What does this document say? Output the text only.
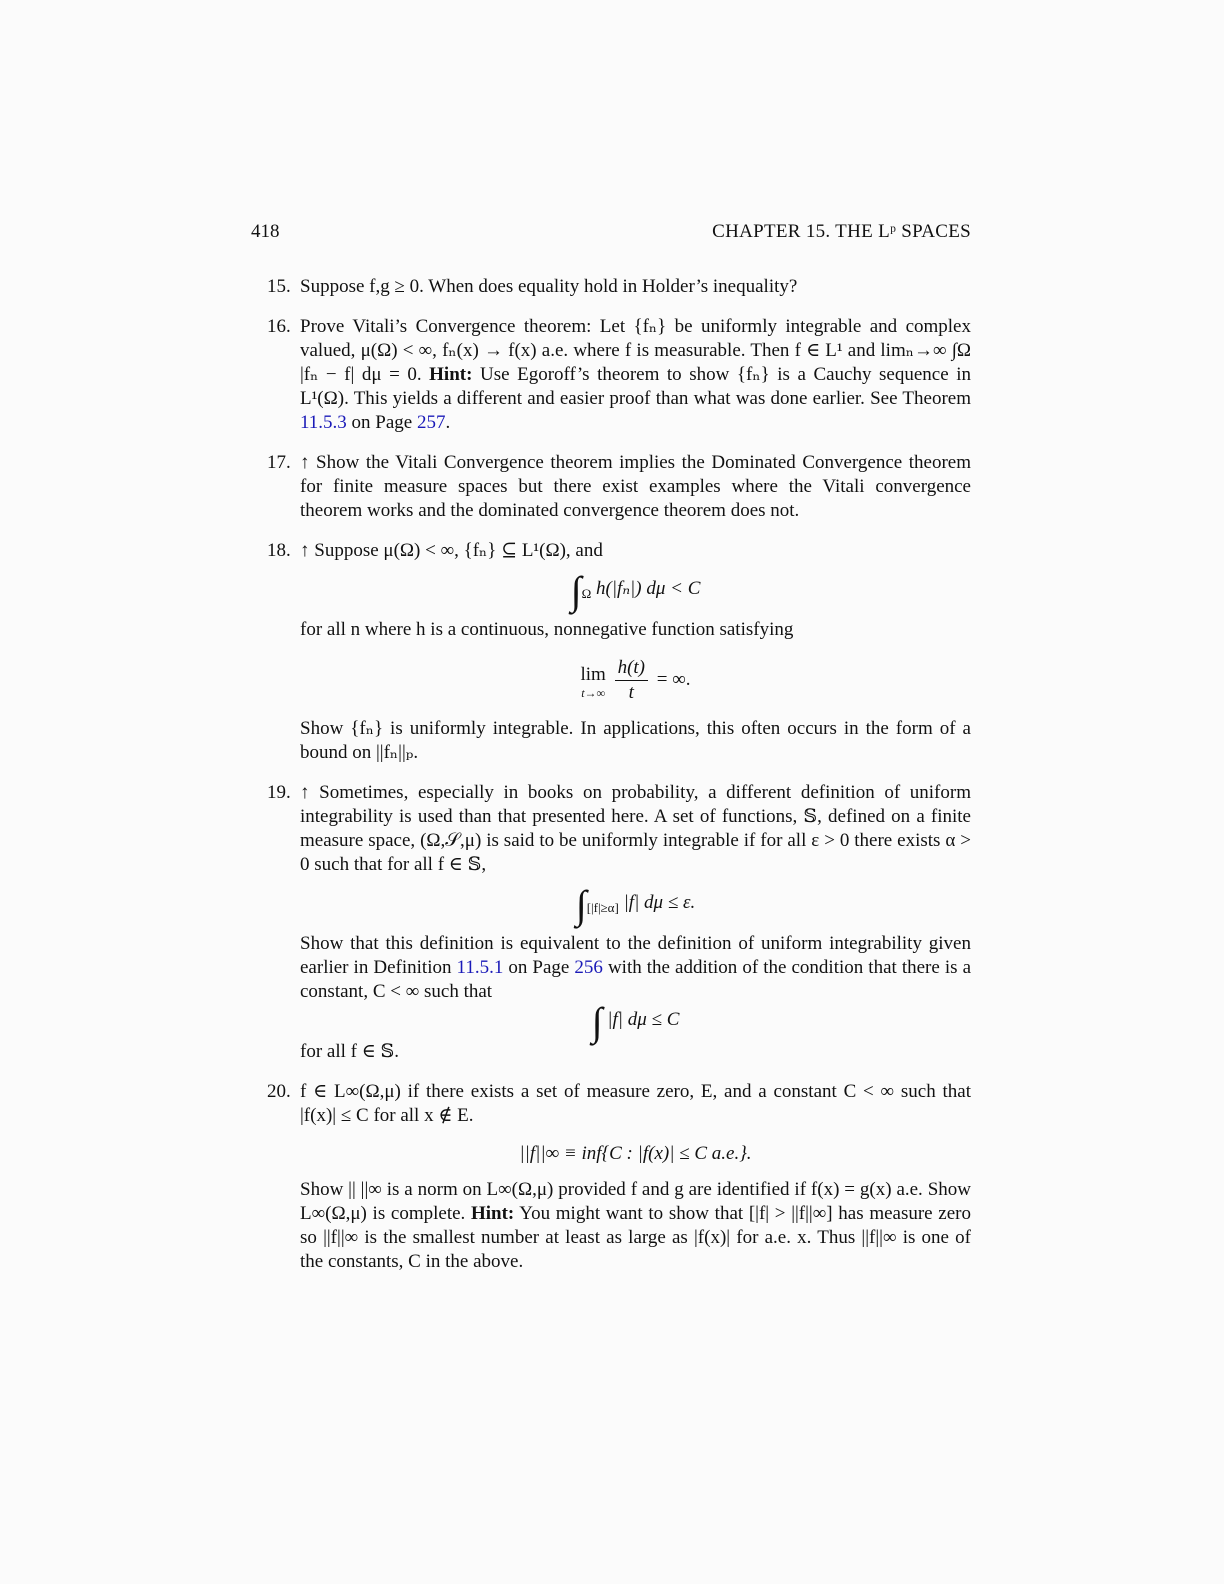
418	CHAPTER 15. THE Lᵖ SPACES
15. Suppose f,g ≥ 0. When does equality hold in Holder’s inequality?

16. Prove Vitali’s Convergence theorem: Let {fₙ} be uniformly integrable and complex valued, μ(Ω) < ∞, fₙ(x) → f(x) a.e. where f is measurable. Then f ∈ L¹ and limₙ→∞ ∫Ω |fₙ − f| dμ = 0. Hint: Use Egoroff’s theorem to show {fₙ} is a Cauchy sequence in L¹(Ω). This yields a different and easier proof than what was done earlier. See Theorem 11.5.3 on Page 257.

17. ↑ Show the Vitali Convergence theorem implies the Dominated Convergence theorem for finite measure spaces but there exist examples where the Vitali convergence theorem works and the dominated convergence theorem does not.

18. ↑ Suppose μ(Ω) < ∞, {fₙ} ⊆ L¹(Ω), and

$\int_\Omega$ h(|fₙ|) dμ < C

for all n where h is a continuous, nonnegative function satisfying

lim
t→∞
$\frac{h(t)}{t}$ = ∞.

Show {fₙ} is uniformly integrable. In applications, this often occurs in the form of a bound on ||fₙ||ₚ.

19. ↑ Sometimes, especially in books on probability, a different definition of uniform integrability is used than that presented here. A set of functions, 𝕊, defined on a finite measure space, (Ω,𝒮,μ) is said to be uniformly integrable if for all ε > 0 there exists α > 0 such that for all f ∈ 𝕊,

$\int_{[|f|\ge\alpha]}$ |f| dμ ≤ ε.

Show that this definition is equivalent to the definition of uniform integrability given earlier in Definition 11.5.1 on Page 256 with the addition of the condition that there is a constant, C < ∞ such that

∫ |f| dμ ≤ C

for all f ∈ 𝕊.

20. f ∈ L∞(Ω,μ) if there exists a set of measure zero, E, and a constant C < ∞ such that |f(x)| ≤ C for all x ∉ E.

||f||∞ ≡ inf{C : |f(x)| ≤ C a.e.}.

Show || ||∞ is a norm on L∞(Ω,μ) provided f and g are identified if f(x) = g(x) a.e. Show L∞(Ω,μ) is complete. Hint: You might want to show that [|f| > ||f||∞] has measure zero so ||f||∞ is the smallest number at least as large as |f(x)| for a.e. x. Thus ||f||∞ is one of the constants, C in the above.
